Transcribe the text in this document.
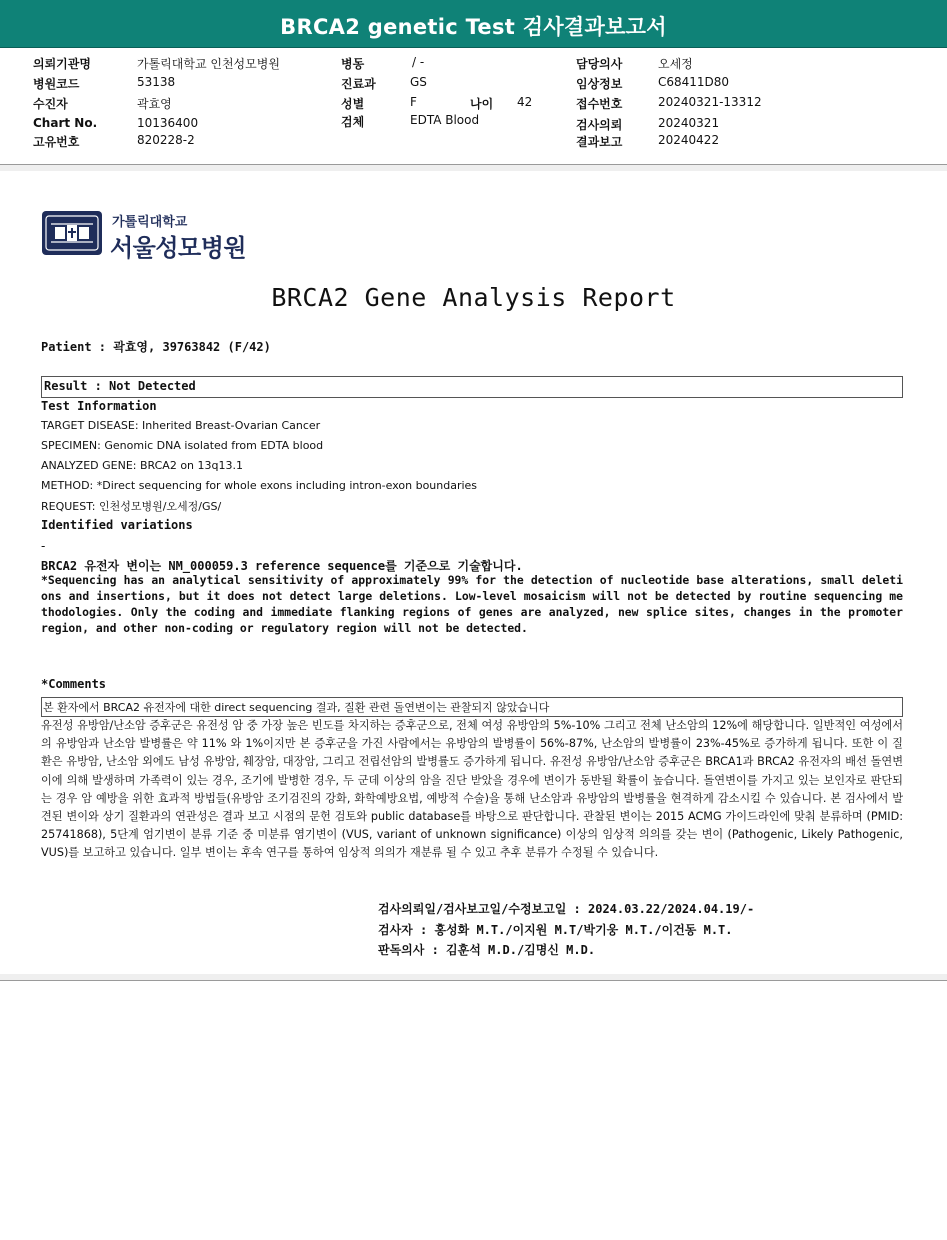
BRCA2 genetic Test 검사결과보고서
의뢰기관명	가톨릭대학교 인천성모병원
병원코드	53138
수진자	곽효영
Chart No.	10136400
고유번호	820228-2
병동	/ -
진료과	GS
성별	F	나이 42
검체	EDTA Blood
담당의사	오세정
임상정보	C68411D80
접수번호	20240321-13312
검사의뢰	20240321
결과보고	20240422
가톨릭대학교
서울성모병원
BRCA2 Gene Analysis Report
Patient : 곽효영, 39763842 (F/42)
Result : Not Detected
Test Information
TARGET DISEASE: Inherited Breast-Ovarian Cancer
SPECIMEN: Genomic DNA isolated from EDTA blood
ANALYZED GENE: BRCA2 on 13q13.1
METHOD: *Direct sequencing for whole exons including intron-exon boundaries
REQUEST: 인천성모병원/오세정/GS/
Identified variations
-
BRCA2 유전자 변이는 NM_000059.3 reference sequence를 기준으로 기술합니다.
*Sequencing has an analytical sensitivity of approximately 99% for the detection of nucleotide base alterations, small deletions and insertions, but it does not detect large deletions. Low-level mosaicism will not be detected by routine sequencing methodologies. Only the coding and immediate flanking regions of genes are analyzed, new splice sites, changes in the promoter region, and other non-coding or regulatory region will not be detected.
*Comments
본 환자에서 BRCA2 유전자에 대한 direct sequencing 결과, 질환 관련 돌연변이는 관찰되지 않았습니다
유전성 유방암/난소암 증후군은 유전성 암 중 가장 높은 빈도를 차지하는 증후군으로, 전체 여성 유방암의 5%-10% 그리고 전체 난소암의 12%에 해당합니다. 일반적인 여성에서의 유방암과 난소암 발병률은 약 11% 와 1%이지만 본 증후군을 가진 사람에서는 유방암의 발병률이 56%-87%, 난소암의 발병률이 23%-45%로 증가하게 됩니다. 또한 이 질환은 유방암, 난소암 외에도 남성 유방암, 췌장암, 대장암, 그리고 전립선암의 발병률도 증가하게 됩니다. 유전성 유방암/난소암 증후군은 BRCA1과 BRCA2 유전자의 배선 돌연변이에 의해 발생하며 가족력이 있는 경우, 조기에 발병한 경우, 두 군데 이상의 암을 진단 받았을 경우에 변이가 동반될 확률이 높습니다. 돌연변이를 가지고 있는 보인자로 판단되는 경우 암 예방을 위한 효과적 방법들(유방암 조기검진의 강화, 화학예방요법, 예방적 수술)을 통해 난소암과 유방암의 발병률을 현격하게 감소시킬 수 있습니다. 본 검사에서 발견된 변이와 상기 질환과의 연관성은 결과 보고 시점의 문헌 검토와 public database를 바탕으로 판단합니다. 관찰된 변이는 2015 ACMG 가이드라인에 맞춰 분류하며 (PMID: 25741868), 5단계 엄기변이 분류 기준 중 미분류 염기변이 (VUS, variant of unknown significance) 이상의 임상적 의의를 갖는 변이 (Pathogenic, Likely Pathogenic, VUS)를 보고하고 있습니다. 일부 변이는 후속 연구를 통하여 임상적 의의가 재분류 될 수 있고 추후 분류가 수정될 수 있습니다.
검사의뢰일/검사보고일/수정보고일 : 2024.03.22/2024.04.19/-
검사자 : 홍성화 M.T./이지원 M.T/박기웅 M.T./이건동 M.T.
판독의사 : 김훈석 M.D./김명신 M.D.
